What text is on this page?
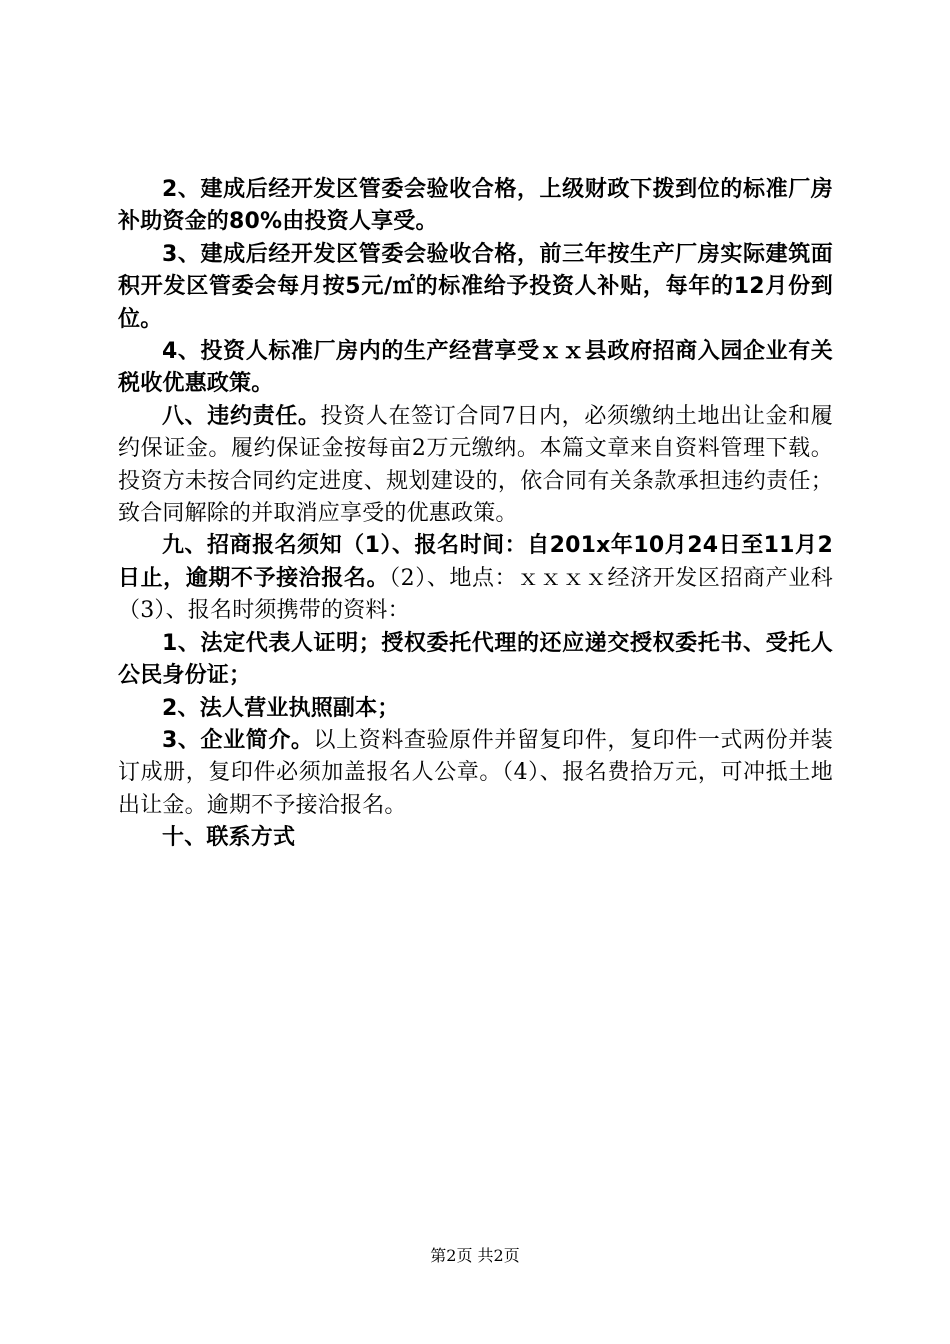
2、建成后经开发区管委会验收合格，上级财政下拨到位的标准厂房补助资金的80%由投资人享受。

3、建成后经开发区管委会验收合格，前三年按生产厂房实际建筑面积开发区管委会每月按5元/㎡的标准给予投资人补贴，每年的12月份到位。

4、投资人标准厂房内的生产经营享受ｘｘ县政府招商入园企业有关税收优惠政策。

八、违约责任。投资人在签订合同7日内，必须缴纳土地出让金和履约保证金。履约保证金按每亩2万元缴纳。本篇文章来自资料管理下载。投资方未按合同约定进度、规划建设的，依合同有关条款承担违约责任；致合同解除的并取消应享受的优惠政策。

九、招商报名须知（1）、报名时间：自201x年10月24日至11月2日止，逾期不予接洽报名。（2）、地点：ｘｘｘｘ经济开发区招商产业科（3）、报名时须携带的资料：

1、法定代表人证明；授权委托代理的还应递交授权委托书、受托人公民身份证；

2、法人营业执照副本；

3、企业简介。以上资料查验原件并留复印件，复印件一式两份并装订成册，复印件必须加盖报名人公章。（4）、报名费拾万元，可冲抵土地出让金。逾期不予接洽报名。

十、联系方式

第2页 共2页
